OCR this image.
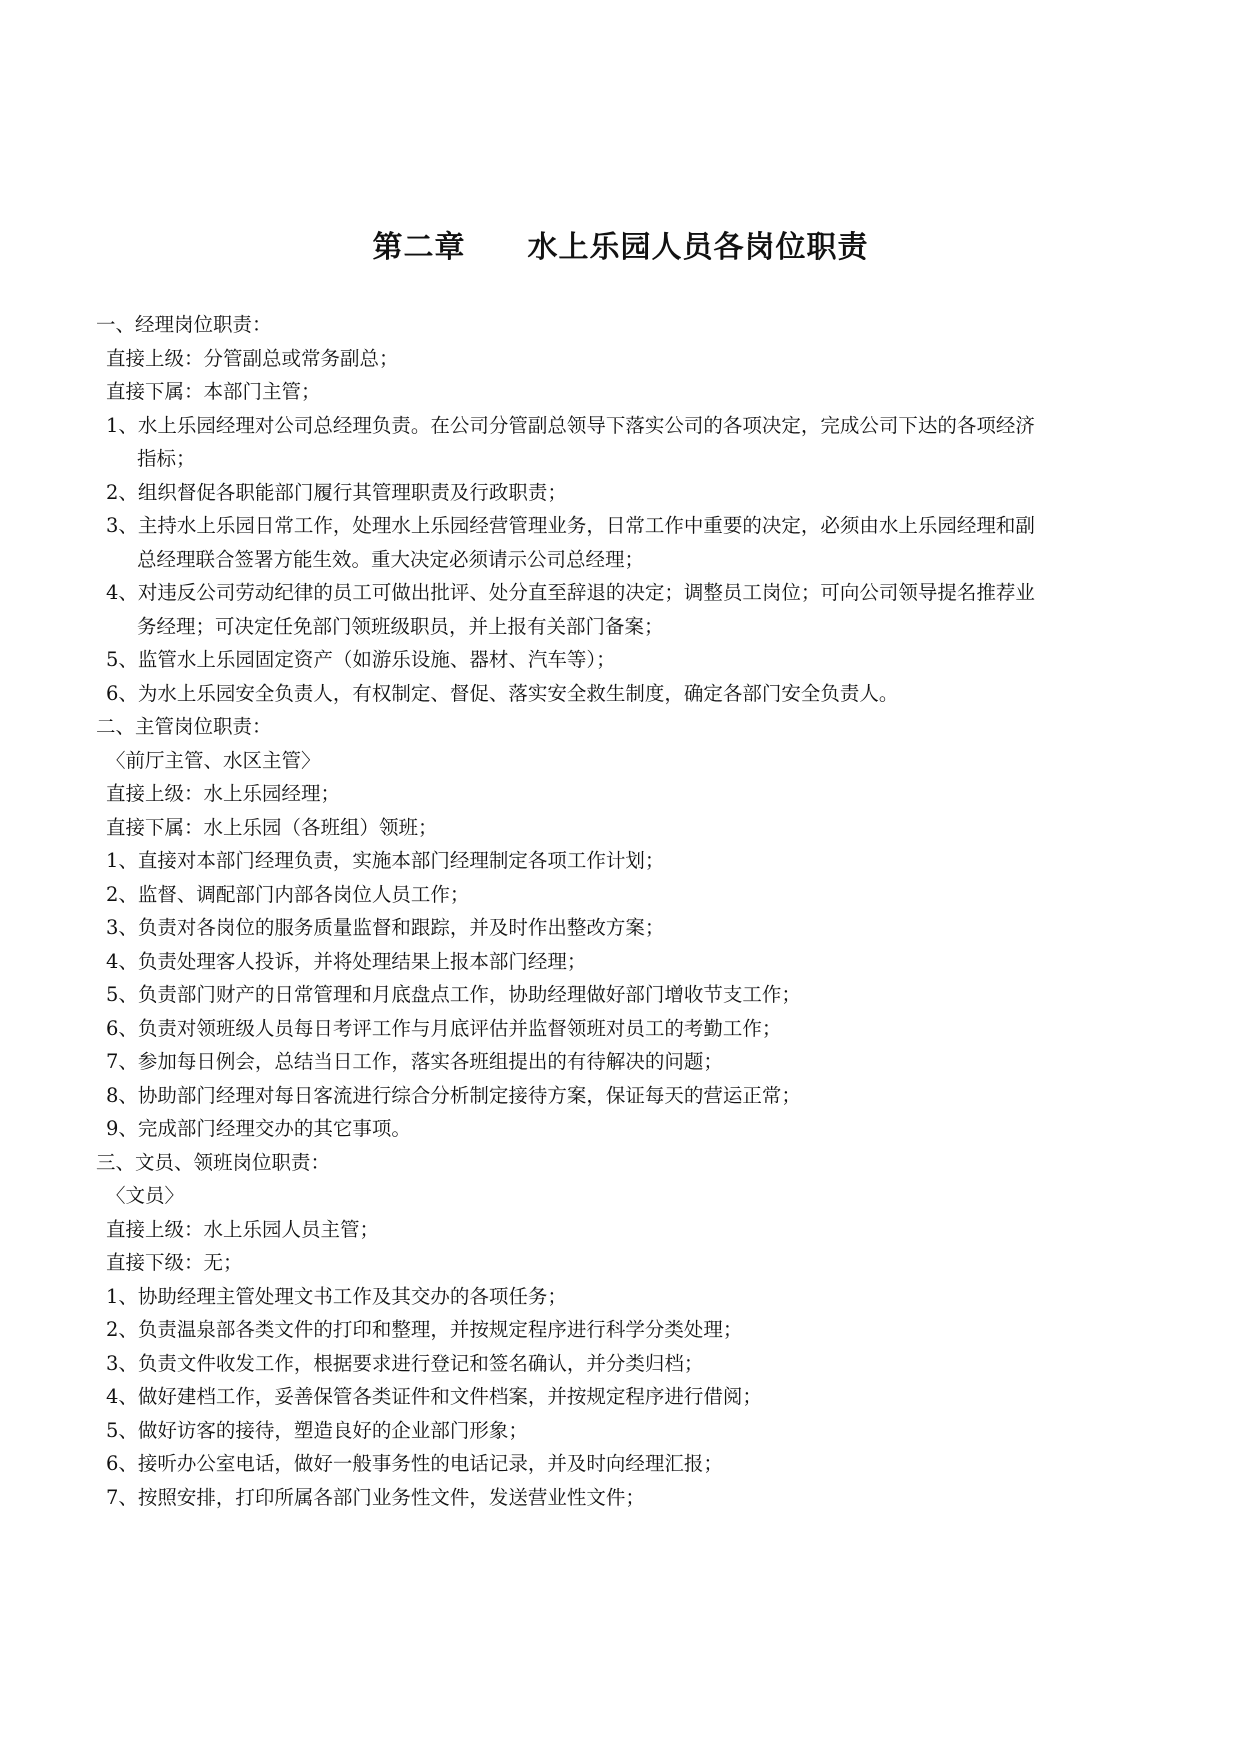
第二章　　水上乐园人员各岗位职责
一、经理岗位职责：
直接上级：分管副总或常务副总；
直接下属：本部门主管；
1、水上乐园经理对公司总经理负责。在公司分管副总领导下落实公司的各项决定，完成公司下达的各项经济
指标；
2、组织督促各职能部门履行其管理职责及行政职责；
3、主持水上乐园日常工作，处理水上乐园经营管理业务，日常工作中重要的决定，必须由水上乐园经理和副
总经理联合签署方能生效。重大决定必须请示公司总经理；
4、对违反公司劳动纪律的员工可做出批评、处分直至辞退的决定；调整员工岗位；可向公司领导提名推荐业
务经理；可决定任免部门领班级职员，并上报有关部门备案；
5、监管水上乐园固定资产（如游乐设施、器材、汽车等）；
6、为水上乐园安全负责人，有权制定、督促、落实安全救生制度，确定各部门安全负责人。
二、主管岗位职责：
〈前厅主管、水区主管〉
直接上级：水上乐园经理；
直接下属：水上乐园（各班组）领班；
1、直接对本部门经理负责，实施本部门经理制定各项工作计划；
2、监督、调配部门内部各岗位人员工作；
3、负责对各岗位的服务质量监督和跟踪，并及时作出整改方案；
4、负责处理客人投诉，并将处理结果上报本部门经理；
5、负责部门财产的日常管理和月底盘点工作，协助经理做好部门增收节支工作；
6、负责对领班级人员每日考评工作与月底评估并监督领班对员工的考勤工作；
7、参加每日例会，总结当日工作，落实各班组提出的有待解决的问题；
8、协助部门经理对每日客流进行综合分析制定接待方案，保证每天的营运正常；
9、完成部门经理交办的其它事项。
三、文员、领班岗位职责：
〈文员〉
直接上级：水上乐园人员主管；
直接下级：无；
1、协助经理主管处理文书工作及其交办的各项任务；
2、负责温泉部各类文件的打印和整理，并按规定程序进行科学分类处理；
3、负责文件收发工作，根据要求进行登记和签名确认，并分类归档；
4、做好建档工作，妥善保管各类证件和文件档案，并按规定程序进行借阅；
5、做好访客的接待，塑造良好的企业部门形象；
6、接听办公室电话，做好一般事务性的电话记录，并及时向经理汇报；
7、按照安排，打印所属各部门业务性文件，发送营业性文件；
